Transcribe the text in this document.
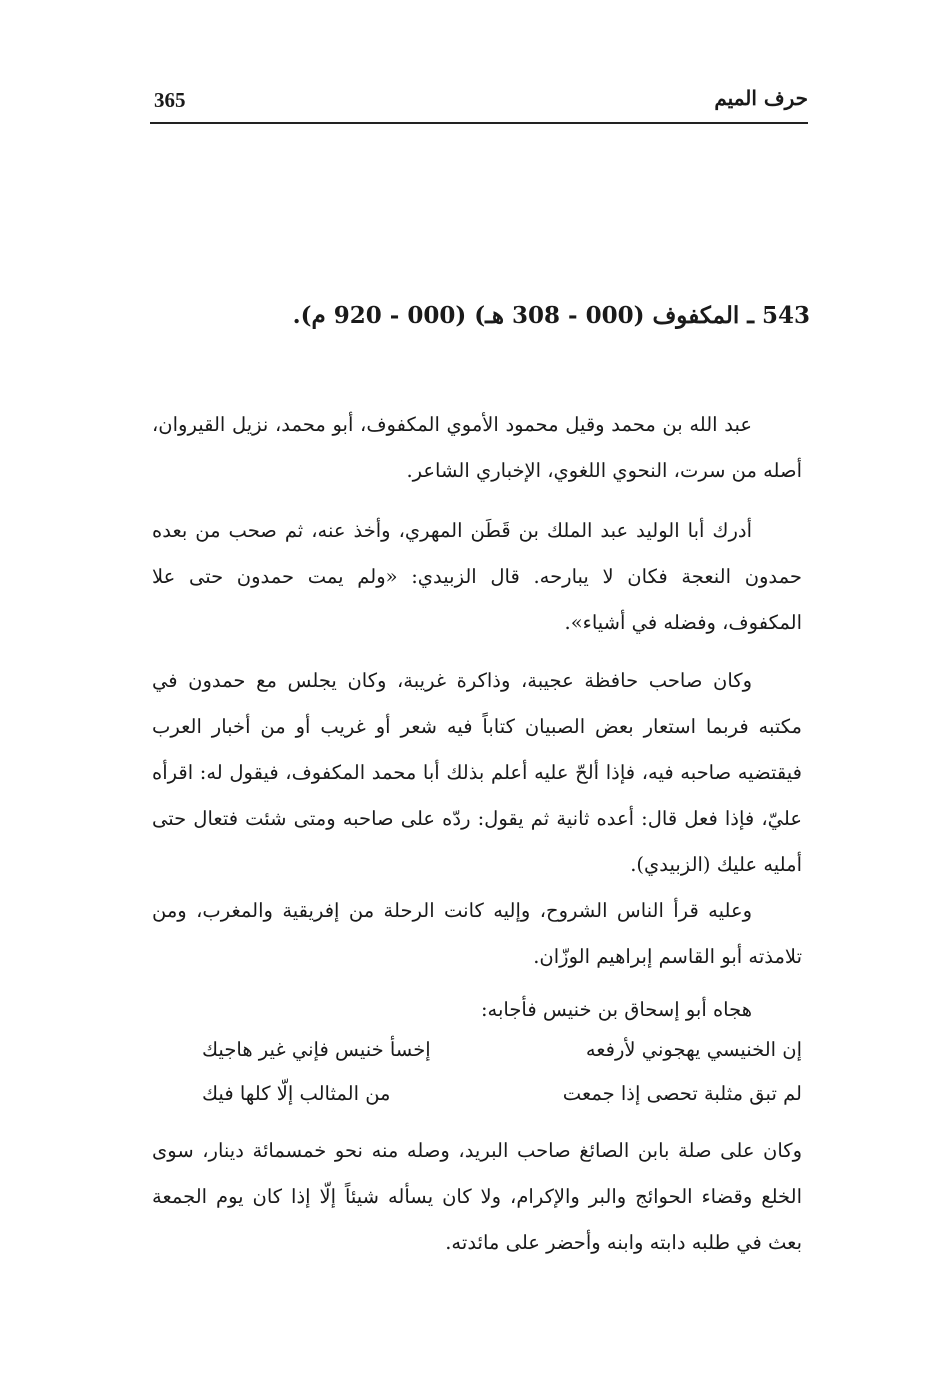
365	حرف الميم
543 ـ المكفوف (000 - 308 هـ) (000 - 920 م).

عبد الله بن محمد وقيل محمود الأموي المكفوف، أبو محمد، نزيل القيروان، أصله من سرت، النحوي اللغوي، الإخباري الشاعر.

أدرك أبا الوليد عبد الملك بن قَطَن المهري، وأخذ عنه، ثم صحب من بعده حمدون النعجة فكان لا يبارحه. قال الزبيدي: «ولم يمت حمدون حتى علا المكفوف، وفضله في أشياء».

وكان صاحب حافظة عجيبة، وذاكرة غريبة، وكان يجلس مع حمدون في مكتبه فربما استعار بعض الصبيان كتاباً فيه شعر أو غريب أو من أخبار العرب فيقتضيه صاحبه فيه، فإذا ألحّ عليه أعلم بذلك أبا محمد المكفوف، فيقول له: اقرأه عليّ، فإذا فعل قال: أعده ثانية ثم يقول: ردّه على صاحبه ومتى شئت فتعال حتى أمليه عليك (الزبيدي).

وعليه قرأ الناس الشروح، وإليه كانت الرحلة من إفريقية والمغرب، ومن تلامذته أبو القاسم إبراهيم الوزّان.

هجاه أبو إسحاق بن خنيس فأجابه:
إن الخنيسي يهجوني لأرفعه
إخسأ خنيس فإني غير هاجيك
لم تبق مثلبة تحصى إذا جمعت
من المثالب إلّا كلها فيك

وكان على صلة بابن الصائغ صاحب البريد، وصله منه نحو خمسمائة دينار، سوى الخلع وقضاء الحوائج والبر والإكرام، ولا كان يسأله شيئاً إلّا إذا كان يوم الجمعة بعث في طلبه دابته وابنه وأحضر على مائدته.
